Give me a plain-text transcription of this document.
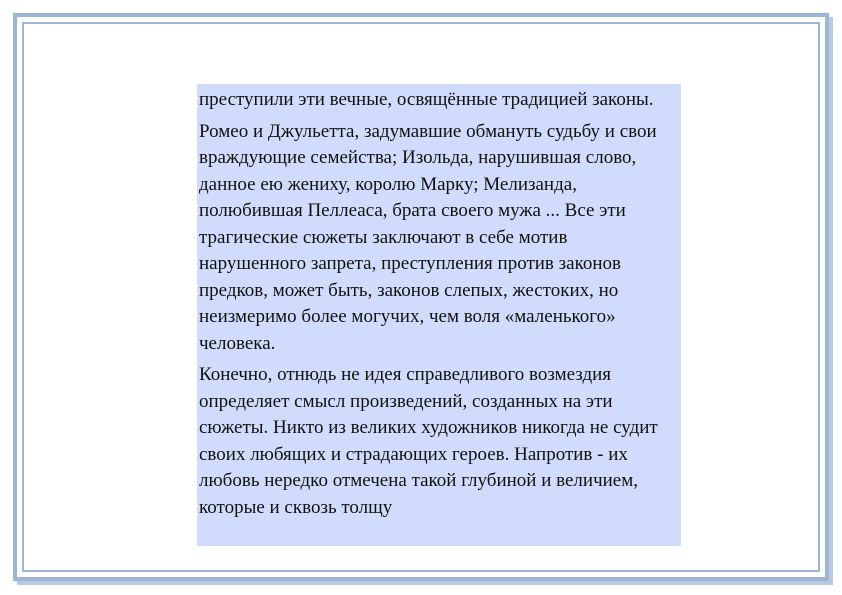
преступили эти вечные, освящённые традицией законы.

Ромео и Джульетта, задумавшие обмануть судьбу и свои враждующие семейства; Изольда, нарушившая слово, данное ею жениху, королю Марку; Мелизанда, полюбившая Пеллеаса, брата своего мужа ... Все эти трагические сюжеты заключают в себе мотив нарушенного запрета, преступления против законов предков, может быть, законов слепых, жестоких, но неизмеримо более могучих, чем воля «маленького» человека.

Конечно, отнюдь не идея справедливого возмездия определяет смысл произведений, созданных на эти сюжеты. Никто из великих художников никогда не судит своих любящих и страдающих героев. Напротив - их любовь нередко отмечена такой глубиной и величием, которые и сквозь толщу
